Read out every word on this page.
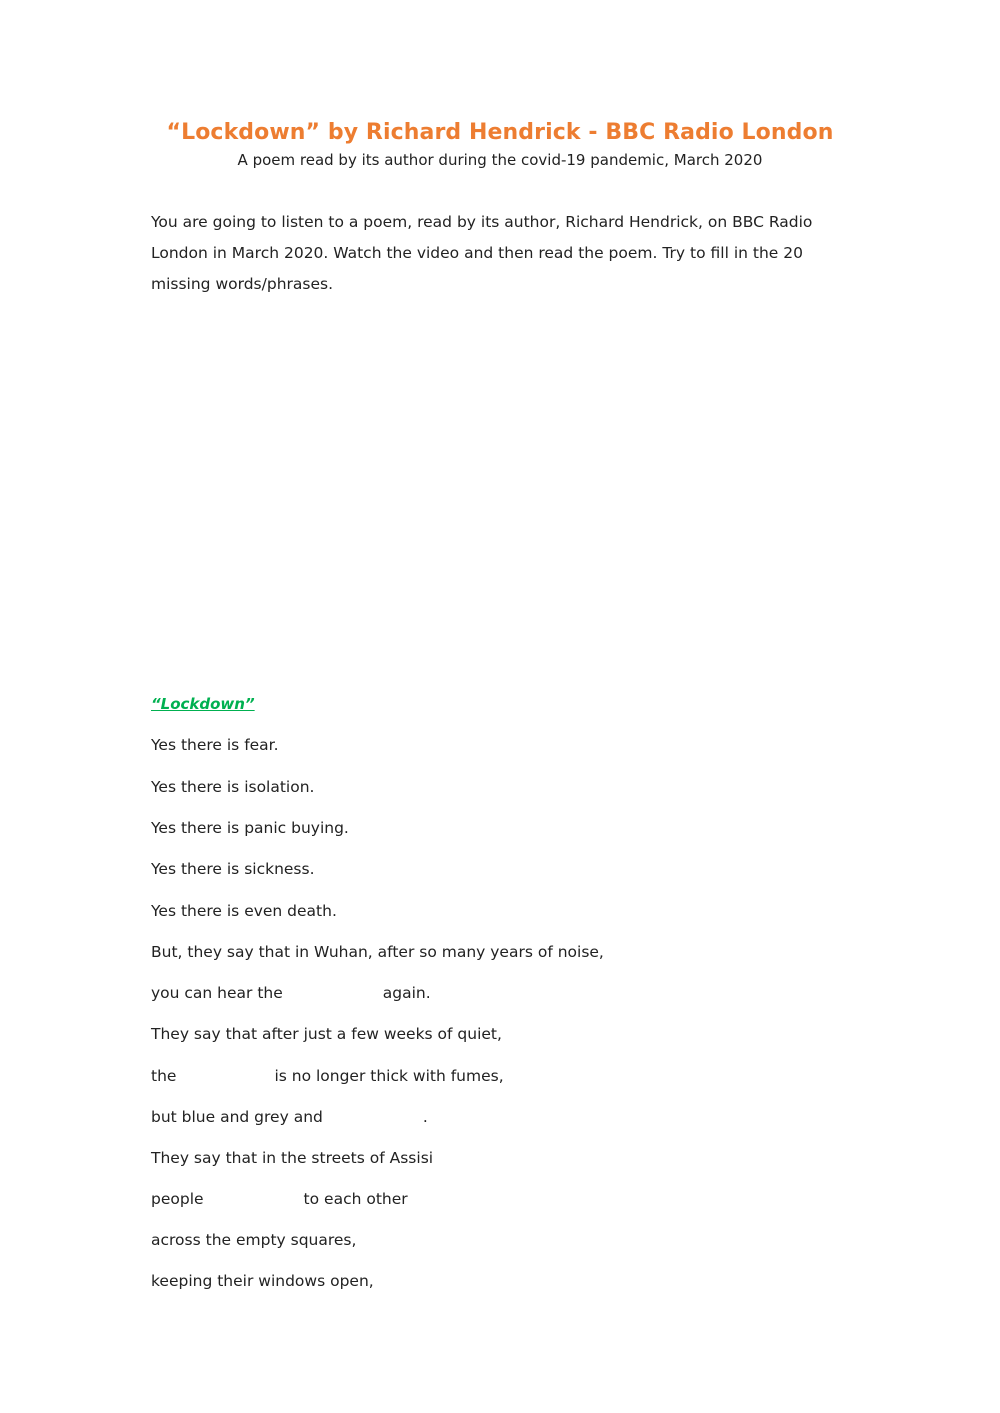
“Lockdown” by Richard Hendrick - BBC Radio London
A poem read by its author during the covid-19 pandemic, March 2020
You are going to listen to a poem, read by its author, Richard Hendrick, on BBC Radio London in March 2020. Watch the video and then read the poem. Try to fill in the 20 missing words/phrases.
“Lockdown”
Yes there is fear.
Yes there is isolation.
Yes there is panic buying.
Yes there is sickness.
Yes there is even death.
But, they say that in Wuhan, after so many years of noise,
you can hear the	again.
They say that after just a few weeks of quiet,
the	is no longer thick with fumes,
but blue and grey and	.
They say that in the streets of Assisi
people	to each other
across the empty squares,
keeping their windows open,
